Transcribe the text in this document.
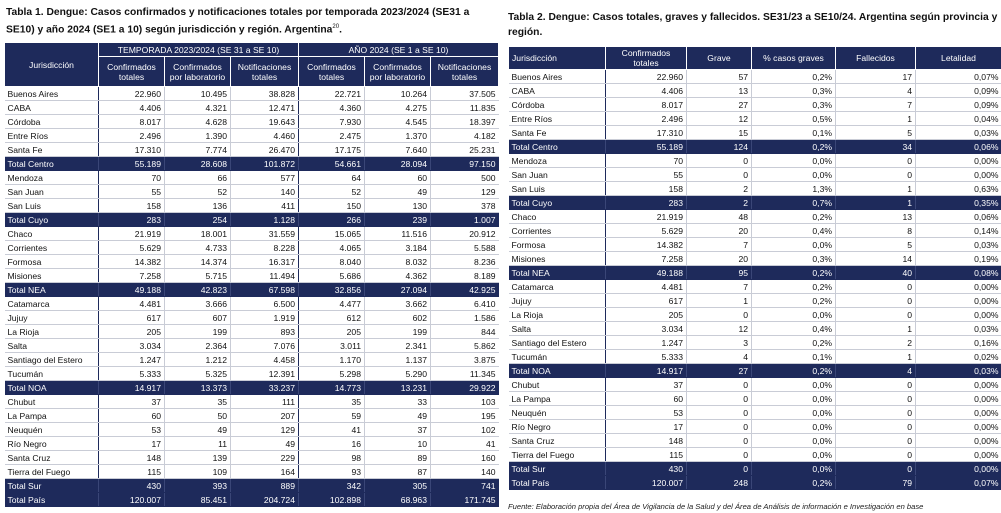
Tabla 1. Dengue: Casos confirmados y notificaciones totales por temporada 2023/2024 (SE31 a SE10) y año 2024 (SE1 a 10) según jurisdicción y región. Argentina$^{20}$.
Jurisdicción	TEMPORADA 2023/2024 (SE 31 a SE 10)			AÑO 2024 (SE 1 a SE 10)		
	Confirmados totales	Confirmados por laboratorio	Notificaciones totales	Confirmados totales	Confirmados por laboratorio	Notificaciones totales
Buenos Aires	22.960	10.495	38.828	22.721	10.264	37.505
CABA	4.406	4.321	12.471	4.360	4.275	11.835
Córdoba	8.017	4.628	19.643	7.930	4.545	18.397
Entre Ríos	2.496	1.390	4.460	2.475	1.370	4.182
Santa Fe	17.310	7.774	26.470	17.175	7.640	25.231
Total Centro	55.189	28.608	101.872	54.661	28.094	97.150
Mendoza	70	66	577	64	60	500
San Juan	55	52	140	52	49	129
San Luis	158	136	411	150	130	378
Total Cuyo	283	254	1.128	266	239	1.007
Chaco	21.919	18.001	31.559	15.065	11.516	20.912
Corrientes	5.629	4.733	8.228	4.065	3.184	5.588
Formosa	14.382	14.374	16.317	8.040	8.032	8.236
Misiones	7.258	5.715	11.494	5.686	4.362	8.189
Total NEA	49.188	42.823	67.598	32.856	27.094	42.925
Catamarca	4.481	3.666	6.500	4.477	3.662	6.410
Jujuy	617	607	1.919	612	602	1.586
La Rioja	205	199	893	205	199	844
Salta	3.034	2.364	7.076	3.011	2.341	5.862
Santiago del Estero	1.247	1.212	4.458	1.170	1.137	3.875
Tucumán	5.333	5.325	12.391	5.298	5.290	11.345
Total NOA	14.917	13.373	33.237	14.773	13.231	29.922
Chubut	37	35	111	35	33	103
La Pampa	60	50	207	59	49	195
Neuquén	53	49	129	41	37	102
Río Negro	17	11	49	16	10	41
Santa Cruz	148	139	229	98	89	160
Tierra del Fuego	115	109	164	93	87	140
Total Sur	430	393	889	342	305	741
Total País	120.007	85.451	204.724	102.898	68.963	171.745
Tabla 2. Dengue: Casos totales, graves y fallecidos. SE31/23 a SE10/24. Argentina según provincia y región.
Jurisdicción	Confirmados totales	Grave	% casos graves	Fallecidos	Letalidad
Buenos Aires	22.960	57	0,2%	17	0,07%
CABA	4.406	13	0,3%	4	0,09%
Córdoba	8.017	27	0,3%	7	0,09%
Entre Ríos	2.496	12	0,5%	1	0,04%
Santa Fe	17.310	15	0,1%	5	0,03%
Total Centro	55.189	124	0,2%	34	0,06%
Mendoza	70	0	0,0%	0	0,00%
San Juan	55	0	0,0%	0	0,00%
San Luis	158	2	1,3%	1	0,63%
Total Cuyo	283	2	0,7%	1	0,35%
Chaco	21.919	48	0,2%	13	0,06%
Corrientes	5.629	20	0,4%	8	0,14%
Formosa	14.382	7	0,0%	5	0,03%
Misiones	7.258	20	0,3%	14	0,19%
Total NEA	49.188	95	0,2%	40	0,08%
Catamarca	4.481	7	0,2%	0	0,00%
Jujuy	617	1	0,2%	0	0,00%
La Rioja	205	0	0,0%	0	0,00%
Salta	3.034	12	0,4%	1	0,03%
Santiago del Estero	1.247	3	0,2%	2	0,16%
Tucumán	5.333	4	0,1%	1	0,02%
Total NOA	14.917	27	0,2%	4	0,03%
Chubut	37	0	0,0%	0	0,00%
La Pampa	60	0	0,0%	0	0,00%
Neuquén	53	0	0,0%	0	0,00%
Río Negro	17	0	0,0%	0	0,00%
Santa Cruz	148	0	0,0%	0	0,00%
Tierra del Fuego	115	0	0,0%	0	0,00%
Total Sur	430	0	0,0%	0	0,00%
Total País	120.007	248	0,2%	79	0,07%
Fuente: Elaboración propia del Área de Vigilancia de la Salud y del Área de Análisis de información e Investigación en base
